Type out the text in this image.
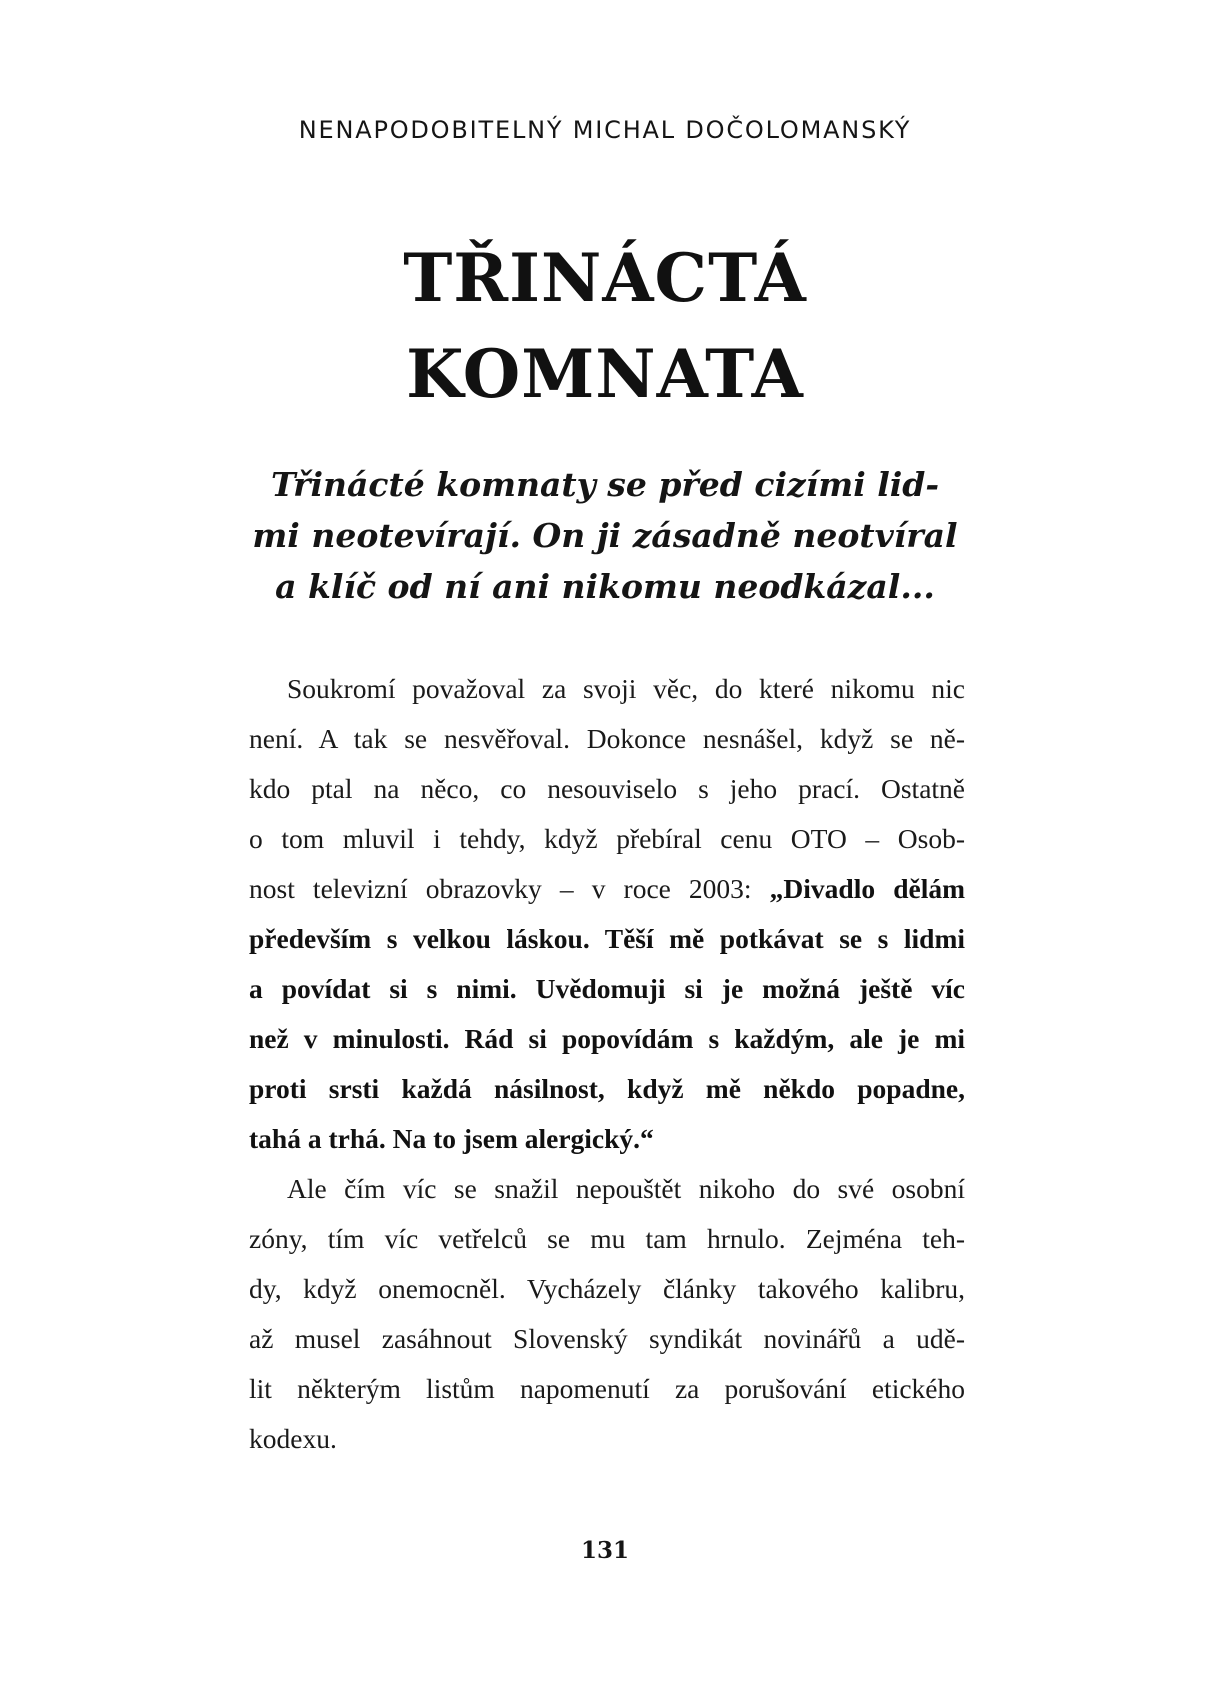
NENAPODOBITELNÝ MICHAL DOČOLOMANSKÝ
TŘINÁCTÁ
KOMNATA
Třinácté komnaty se před cizími lid-
mi neotevírají. On ji zásadně neotvíral
a klíč od ní ani nikomu neodkázal...
Soukromí považoval za svoji věc, do které nikomu nic
není. A tak se nesvěřoval. Dokonce nesnášel, když se ně-
kdo ptal na něco, co nesouviselo s jeho prací. Ostatně
o tom mluvil i tehdy, když přebíral cenu OTO – Osob-
nost televizní obrazovky – v roce 2003: „Divadlo dělám
především s velkou láskou. Těší mě potkávat se s lidmi
a povídat si s nimi. Uvědomuji si je možná ještě víc
než v minulosti. Rád si popovídám s každým, ale je mi
proti srsti každá násilnost, když mě někdo popadne,
tahá a trhá. Na to jsem alergický.“
Ale čím víc se snažil nepouštět nikoho do své osobní
zóny, tím víc vetřelců se mu tam hrnulo. Zejména teh-
dy, když onemocněl. Vycházely články takového kalibru,
až musel zasáhnout Slovenský syndikát novinářů a udě-
lit některým listům napomenutí za porušování etického
kodexu.
131
